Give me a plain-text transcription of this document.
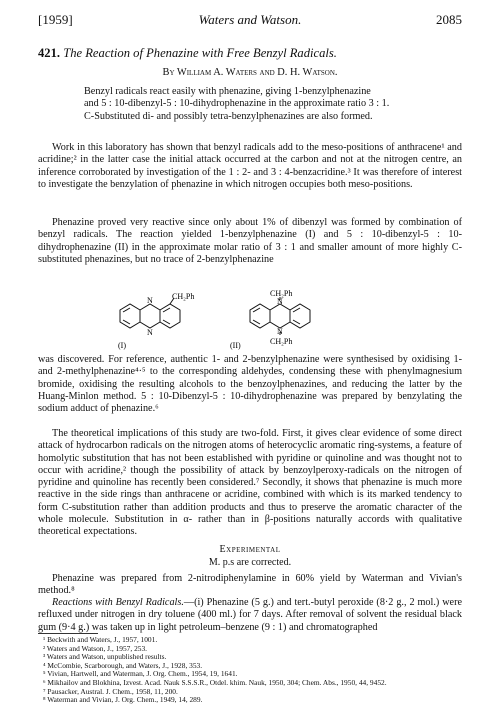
[1959]	Waters and Watson.	2085
421. The Reaction of Phenazine with Free Benzyl Radicals.
By William A. Waters and D. H. Watson.

Benzyl radicals react easily with phenazine, giving 1-benzylphenazine

and 5 : 10-dibenzyl-5 : 10-dihydrophenazine in the approximate ratio 3 : 1.

C-Substituted di- and possibly tetra-benzylphenazines are also formed.

Work in this laboratory has shown that benzyl radicals add to the meso-positions of anthracene¹ and acridine;² in the latter case the initial attack occurred at the carbon and not at the nitrogen centre, an inference corroborated by investigation of the 1 : 2- and 3 : 4-benzacridine.³ It was therefore of interest to investigate the benzylation of phenazine in which nitrogen occupies both meso-positions.

Phenazine proved very reactive since only about 1% of dibenzyl was formed by combination of benzyl radicals. The reaction yielded 1-benzylphenazine (I) and 5 : 10-dibenzyl-5 : 10-dihydrophenazine (II) in the approximate molar ratio of 3 : 1 and smaller amount of more highly C-substituted phenazines, but no trace of 2-benzylphenazine

N
N
CH₂Ph
(I)
N
N
CH₂Ph
CH₂Ph
(II)

was discovered. For reference, authentic 1- and 2-benzylphenazine were synthesised by oxidising 1- and 2-methylphenazine⁴·⁵ to the corresponding aldehydes, condensing these with phenylmagnesium bromide, oxidising the resulting alcohols to the benzoylphenazines, and reducing the latter by the Huang-Minlon method. 5 : 10-Dibenzyl-5 : 10-dihydrophenazine was prepared by benzylating the sodium adduct of phenazine.⁶

The theoretical implications of this study are two-fold. First, it gives clear evidence of some direct attack of hydrocarbon radicals on the nitrogen atoms of heterocyclic aromatic ring-systems, a feature of homolytic substitution that has not been established with pyridine or quinoline and was thought not to occur with acridine,² though the possibility of attack by benzoylperoxy-radicals on the nitrogen of pyridine and quinoline has recently been considered.⁷ Secondly, it shows that phenazine is much more reactive in the side rings than anthracene or acridine, combined with which is its marked tendency to form C-substitution rather than addition products and thus to preserve the aromatic character of the whole molecule. Substitution in α- rather than in β-positions naturally accords with qualitative theoretical expectations.

Experimental
M. p.s are corrected.

Phenazine was prepared from 2-nitrodiphenylamine in 60% yield by Waterman and Vivian's method.⁸

Reactions with Benzyl Radicals.—(i) Phenazine (5 g.) and tert.-butyl peroxide (8·2 g., 2 mol.) were refluxed under nitrogen in dry toluene (400 ml.) for 7 days. After removal of solvent the residual black gum (9·4 g.) was taken up in light petroleum–benzene (9 : 1) and chromatographed

¹ Beckwith and Waters, J., 1957, 1001.
² Waters and Watson, J., 1957, 253.
³ Waters and Watson, unpublished results.
⁴ McCombie, Scarborough, and Waters, J., 1928, 353.
⁵ Vivian, Hartwell, and Waterman, J. Org. Chem., 1954, 19, 1641.
⁶ Mikhailov and Blokhina, Izvest. Acad. Nauk S.S.S.R., Otdel. khim. Nauk, 1950, 304; Chem. Abs., 1950, 44, 9452.
⁷ Pausacker, Austral. J. Chem., 1958, 11, 200.
⁸ Waterman and Vivian, J. Org. Chem., 1949, 14, 289.
